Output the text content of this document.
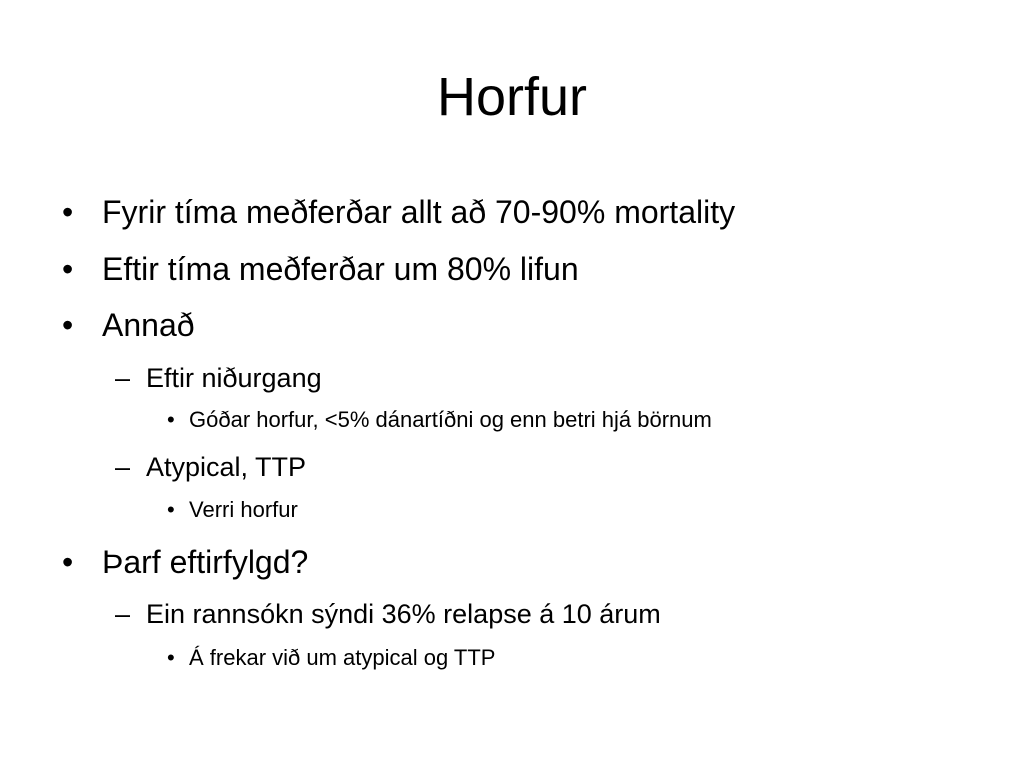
Horfur
• Fyrir tíma meðferðar allt að 70-90% mortality
• Eftir tíma meðferðar um 80% lifun
• Annað
– Eftir niðurgang
• Góðar horfur, <5% dánartíðni og enn betri hjá börnum
– Atypical, TTP
• Verri horfur
• Þarf eftirfylgd?
– Ein rannsókn sýndi 36% relapse á 10 árum
• Á frekar við um atypical og TTP
